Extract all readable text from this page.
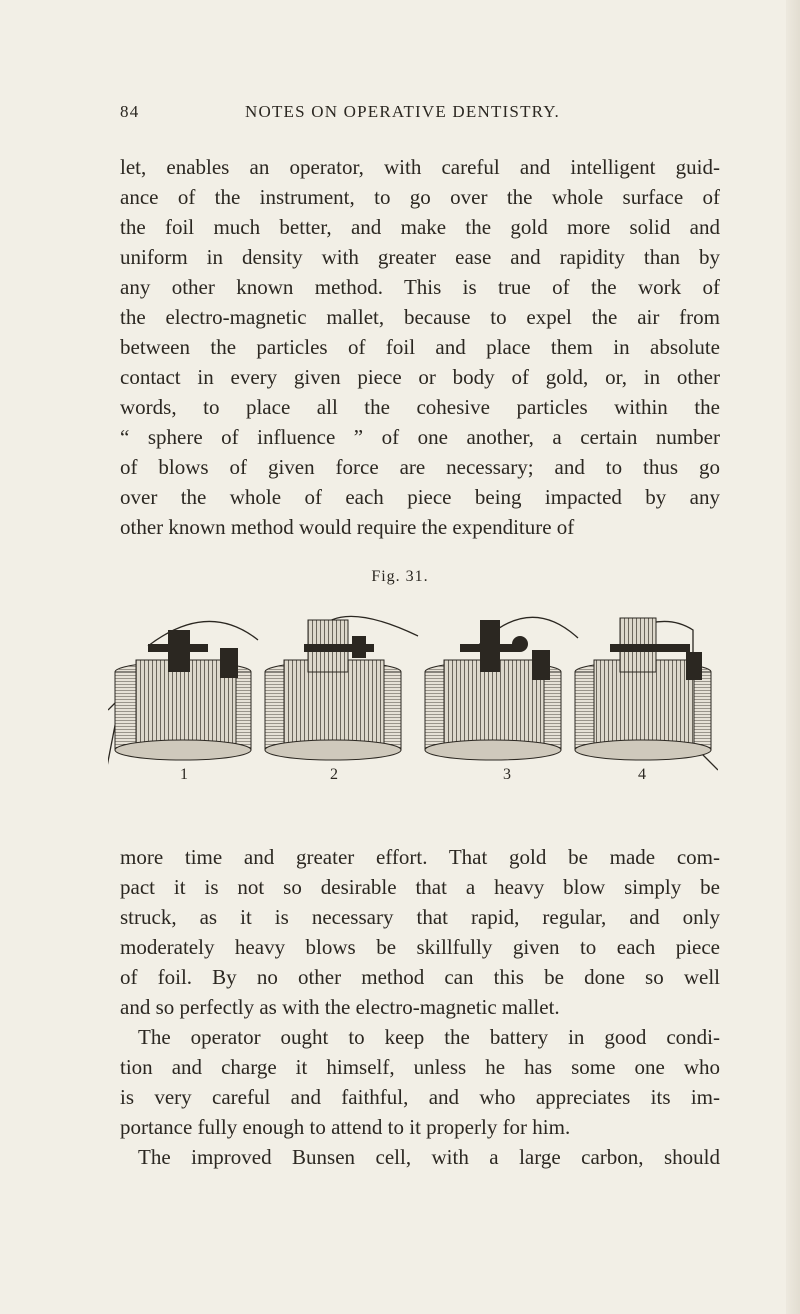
84	NOTES ON OPERATIVE DENTISTRY.
let, enables an operator, with careful and intelligent guid-
ance of the instrument, to go over the whole surface of
the foil much better, and make the gold more solid and
uniform in density with greater ease and rapidity than by
any other known method. This is true of the work of
the electro-magnetic mallet, because to expel the air from
between the particles of foil and place them in absolute
contact in every given piece or body of gold, or, in other
words, to place all the cohesive particles within the
“ sphere of influence ” of one another, a certain number
of blows of given force are necessary; and to thus go
over the whole of each piece being impacted by any
other known method would require the expenditure of
Fig. 31.
1	2	3	4
more time and greater effort. That gold be made com-
pact it is not so desirable that a heavy blow simply be
struck, as it is necessary that rapid, regular, and only
moderately heavy blows be skillfully given to each piece
of foil. By no other method can this be done so well
and so perfectly as with the electro-magnetic mallet.
The operator ought to keep the battery in good condi-
tion and charge it himself, unless he has some one who
is very careful and faithful, and who appreciates its im-
portance fully enough to attend to it properly for him.
The improved Bunsen cell, with a large carbon, should
